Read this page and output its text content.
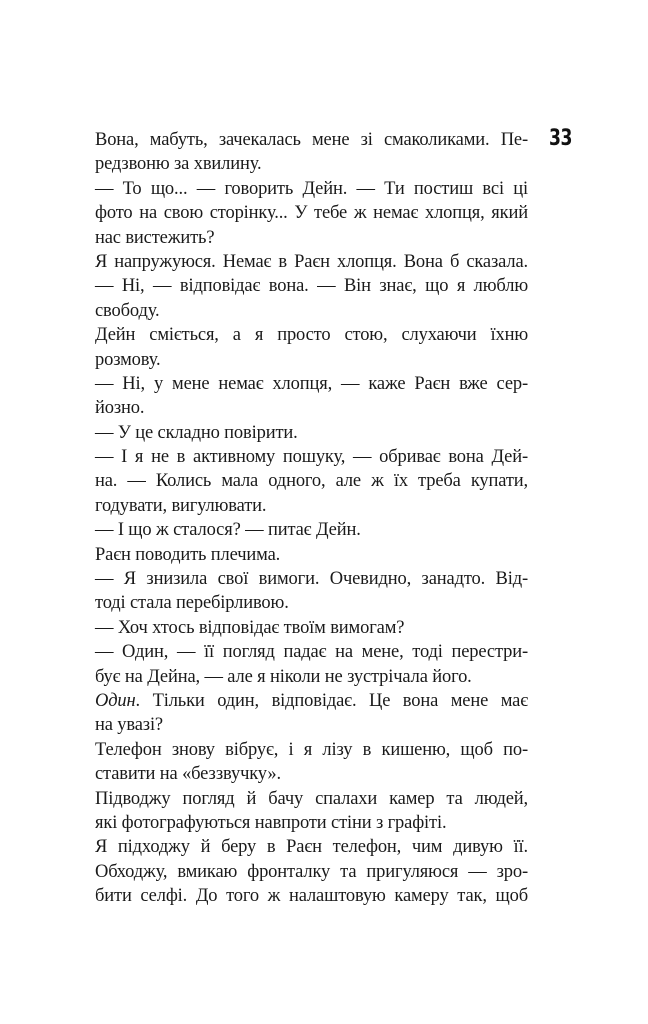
33
Вона, мабуть, зачекалась мене зі смаколиками. Пе-
редзвоню за хвилину.
— То що... — говорить Дейн. — Ти постиш всі ці
фото на свою сторінку... У тебе ж немає хлопця, який
нас вистежить?
Я напружуюся. Немає в Раєн хлопця. Вона б сказала.
— Ні, — відповідає вона. — Він знає, що я люблю
свободу.
Дейн сміється, а я просто стою, слухаючи їхню
розмову.
— Ні, у мене немає хлопця, — каже Раєн вже сер-
йозно.
— У це складно повірити.
— І я не в активному пошуку, — обриває вона Дей-
на. — Колись мала одного, але ж їх треба купати,
годувати, вигулювати.
— І що ж сталося? — питає Дейн.
Раєн поводить плечима.
— Я знизила свої вимоги. Очевидно, занадто. Від-
тоді стала перебірливою.
— Хоч хтось відповідає твоїм вимогам?
— Один, — її погляд падає на мене, тоді перестри-
бує на Дейна, — але я ніколи не зустрічала його.
Один. Тільки один, відповідає. Це вона мене має
на увазі?
Телефон знову вібрує, і я лізу в кишеню, щоб по-
ставити на «беззвучку».
Підводжу погляд й бачу спалахи камер та людей,
які фотографуються навпроти стіни з графіті.
Я підходжу й беру в Раєн телефон, чим дивую її.
Обходжу, вмикаю фронталку та пригуляюся — зро-
бити селфі. До того ж налаштовую камеру так, щоб
